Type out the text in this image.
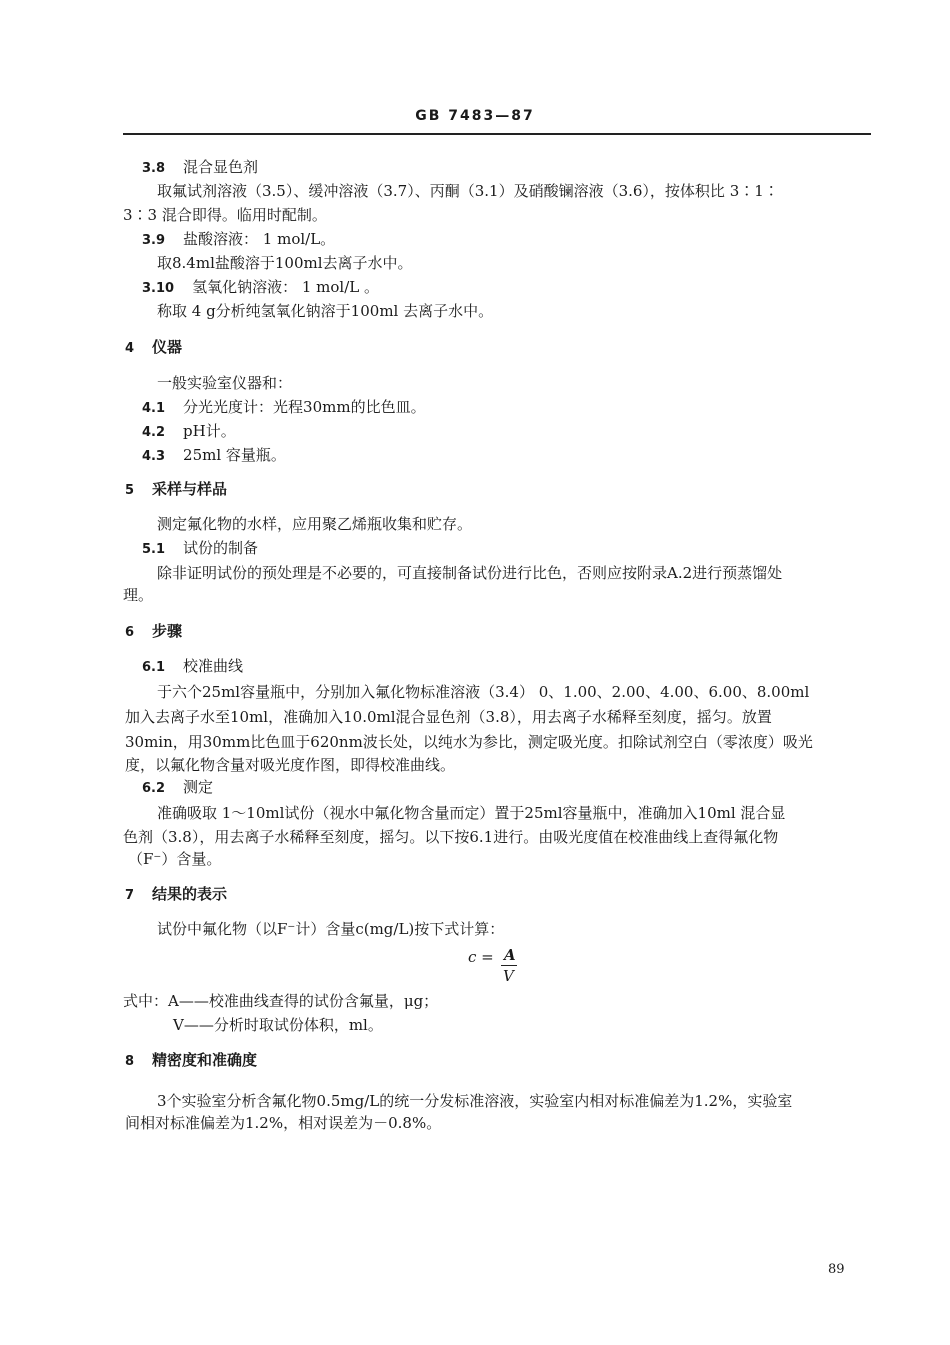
GB 7483—87
3.8 混合显色剂
取氟试剂溶液（3.5）、缓冲溶液（3.7）、丙酮（3.1）及硝酸镧溶液（3.6），按体积比 3∶1∶
3∶3 混合即得。临用时配制。
3.9 盐酸溶液： 1 mol/L。
取8.4ml盐酸溶于100ml去离子水中。
3.10 氢氧化钠溶液： 1 mol/L 。
称取 4 g分析纯氢氧化钠溶于100ml 去离子水中。
4 仪器
一般实验室仪器和：
4.1 分光光度计：光程30mm的比色皿。
4.2 pH计。
4.3 25ml 容量瓶。
5 采样与样品
测定氟化物的水样，应用聚乙烯瓶收集和贮存。
5.1 试份的制备
除非证明试份的预处理是不必要的，可直接制备试份进行比色，否则应按附录A.2进行预蒸馏处
理。
6 步骤
6.1 校准曲线
于六个25ml容量瓶中，分别加入氟化物标准溶液（3.4） 0、1.00、2.00、4.00、6.00、8.00ml
加入去离子水至10ml，准确加入10.0ml混合显色剂（3.8），用去离子水稀释至刻度，摇匀。放置
30min，用30mm比色皿于620nm波长处，以纯水为参比，测定吸光度。扣除试剂空白（零浓度）吸光
度，以氟化物含量对吸光度作图，即得校准曲线。
6.2 测定
准确吸取 1～10ml试份（视水中氟化物含量而定）置于25ml容量瓶中，准确加入10ml 混合显
色剂（3.8），用去离子水稀释至刻度，摇匀。以下按6.1进行。由吸光度值在校准曲线上查得氟化物
（F⁻）含量。
7 结果的表示
试份中氟化物（以F⁻计）含量c(mg/L)按下式计算：
c = A
V
式中：A——校准曲线查得的试份含氟量，μg；
V——分析时取试份体积，ml。
8 精密度和准确度
3个实验室分析含氟化物0.5mg/L的统一分发标准溶液，实验室内相对标准偏差为1.2%，实验室
间相对标准偏差为1.2%，相对误差为－0.8%。
89
